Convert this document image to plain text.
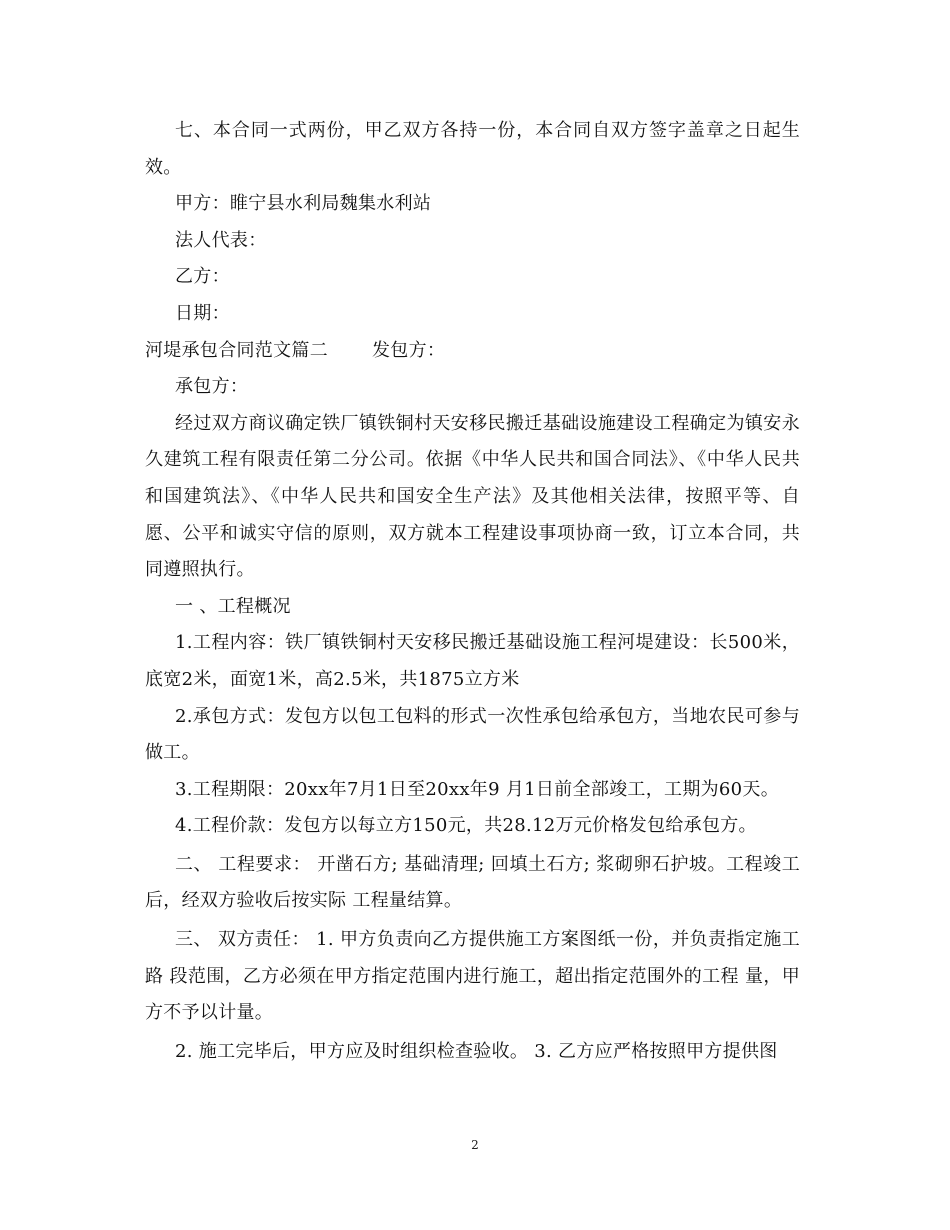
七、本合同一式两份，甲乙双方各持一份，本合同自双方签字盖章之日起生效。

甲方：睢宁县水利局魏集水利站

法人代表：

乙方：

日期：

河堤承包合同范文篇二 发包方：

承包方：

经过双方商议确定铁厂镇铁铜村天安移民搬迁基础设施建设工程确定为镇安永久建筑工程有限责任第二分公司。依据《中华人民共和国合同法》、《中华人民共和国建筑法》、《中华人民共和国安全生产法》及其他相关法律，按照平等、自愿、公平和诚实守信的原则，双方就本工程建设事项协商一致，订立本合同，共同遵照执行。

一 、工程概况

1.工程内容：铁厂镇铁铜村天安移民搬迁基础设施工程河堤建设：长500米，底宽2米，面宽1米，高2.5米，共1875立方米

2.承包方式：发包方以包工包料的形式一次性承包给承包方，当地农民可参与做工。

3.工程期限：20xx年7月1日至20xx年9 月1日前全部竣工，工期为60天。

4.工程价款：发包方以每立方150元，共28.12万元价格发包给承包方。

二、 工程要求： 开凿石方; 基础清理; 回填土石方; 浆砌卵石护坡。工程竣工后，经双方验收后按实际 工程量结算。

三、 双方责任： 1. 甲方负责向乙方提供施工方案图纸一份，并负责指定施工路 段范围，乙方必须在甲方指定范围内进行施工，超出指定范围外的工程 量，甲方不予以计量。

2. 施工完毕后，甲方应及时组织检查验收。 3. 乙方应严格按照甲方提供图

2
